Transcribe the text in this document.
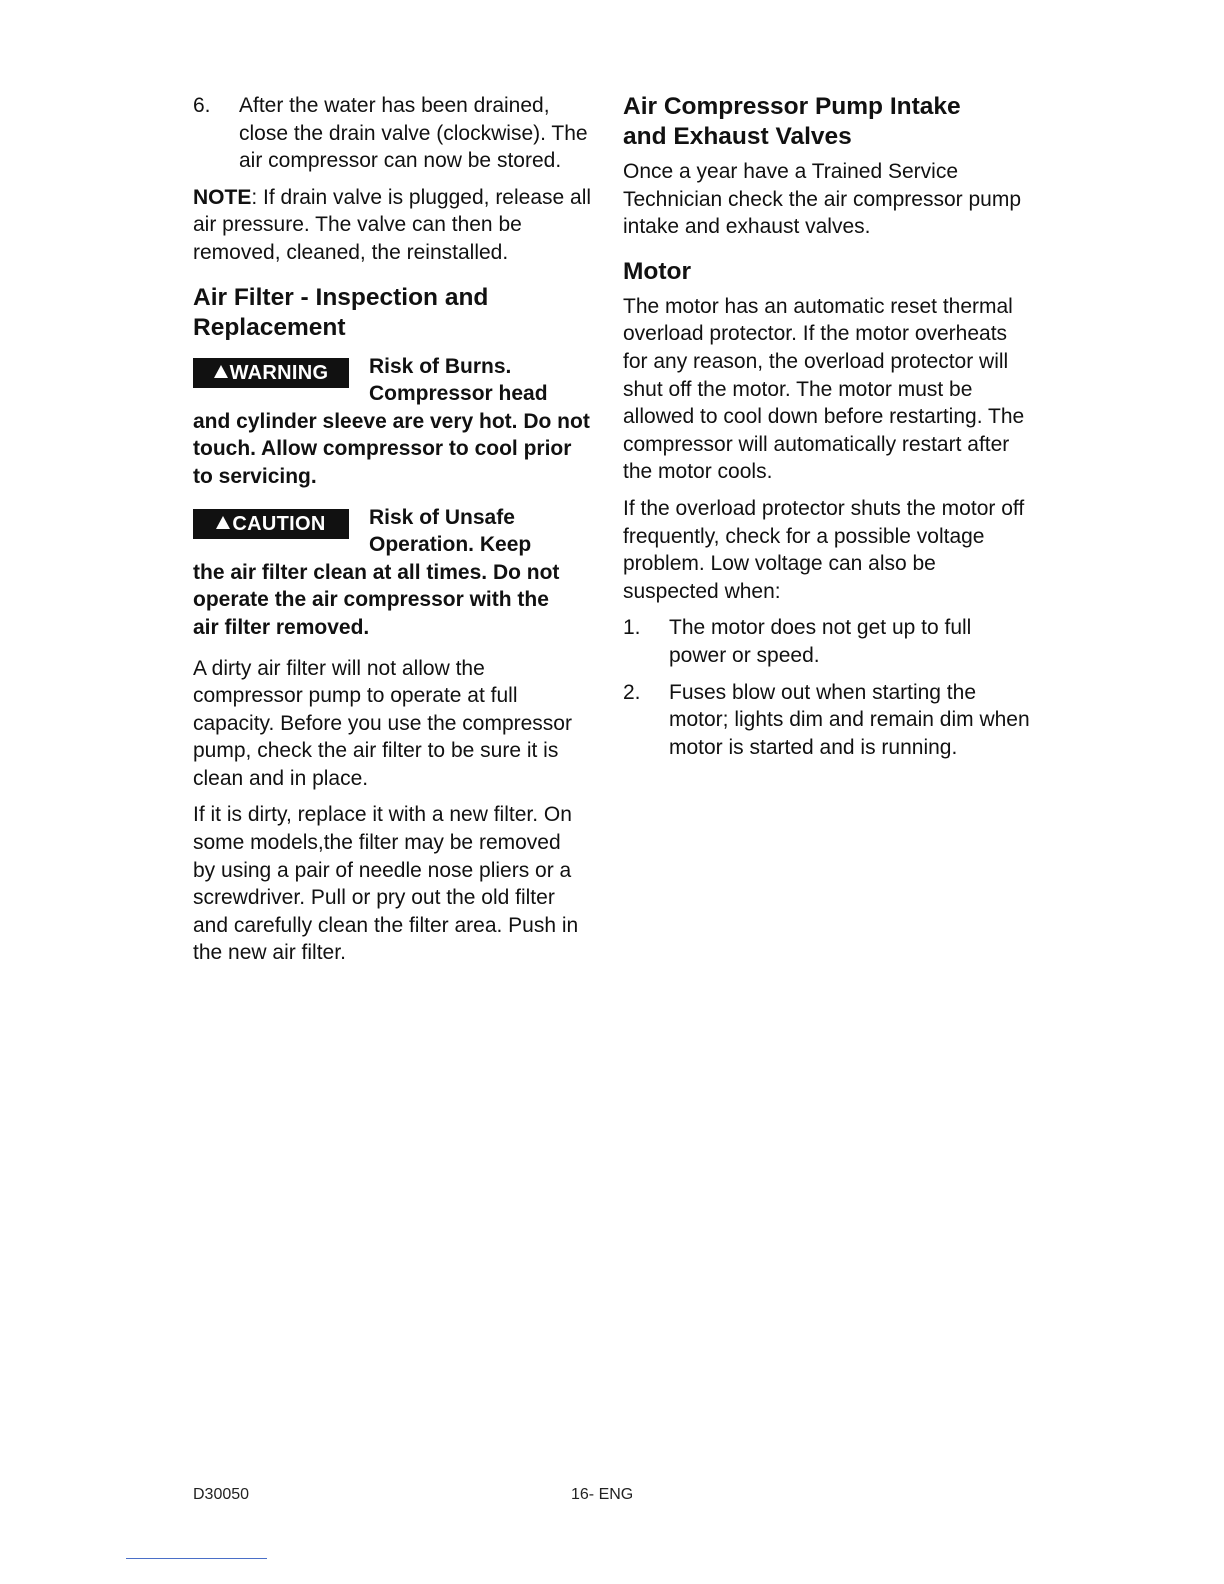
6.	After the water has been drained, close the drain valve (clockwise). The air compressor can now be stored.

NOTE: If drain valve is plugged, release all air pressure. The valve can then be removed, cleaned, the reinstalled.

Air Filter - Inspection and Replacement
WARNING Risk of Burns. Compressor head
and cylinder sleeve are very hot. Do not touch. Allow compressor to cool prior to servicing.
CAUTION Risk of Unsafe Operation. Keep
the air filter clean at all times. Do not operate the air compressor with the air filter removed.

A dirty air filter will not allow the compressor pump to operate at full capacity. Before you use the compressor pump, check the air filter to be sure it is clean and in place.

If it is dirty, replace it with a new filter. On some models,the filter may be removed by using a pair of needle nose pliers or a screwdriver. Pull or pry out the old filter and carefully clean the filter area. Push in the new air filter.

Air Compressor Pump Intake and Exhaust Valves

Once a year have a Trained Service Technician check the air compressor pump intake and exhaust valves.

Motor

The motor has an automatic reset thermal overload protector. If the motor overheats for any reason, the overload protector will shut off the motor. The motor must be allowed to cool down before restarting. The compressor will automatically restart after the motor cools.

If the overload protector shuts the motor off frequently, check for a possible voltage problem. Low voltage can also be suspected when:

1.	The motor does not get up to full power or speed.
2.	Fuses blow out when starting the motor; lights dim and remain dim when motor is started and is running.
D30050	16- ENG
